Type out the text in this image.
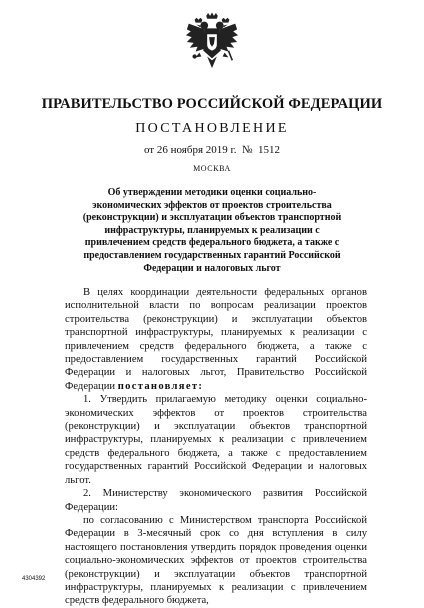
ПРАВИТЕЛЬСТВО РОССИЙСКОЙ ФЕДЕРАЦИИ
ПОСТАНОВЛЕНИЕ
от 26 ноября 2019 г. № 1512
МОСКВА
Об утверждении методики оценки социально-экономических эффектов от проектов строительства (реконструкции) и эксплуатации объектов транспортной инфраструктуры, планируемых к реализации с привлечением средств федерального бюджета, а также с предоставлением государственных гарантий Российской Федерации и налоговых льгот

В целях координации деятельности федеральных органов исполнительной власти по вопросам реализации проектов строительства (реконструкции) и эксплуатации объектов транспортной инфраструктуры, планируемых к реализации с привлечением средств федерального бюджета, а также с предоставлением государственных гарантий Российской Федерации и налоговых льгот, Правительство Российской Федерации постановляет:

1. Утвердить прилагаемую методику оценки социально-экономических эффектов от проектов строительства (реконструкции) и эксплуатации объектов транспортной инфраструктуры, планируемых к реализации с привлечением средств федерального бюджета, а также с предоставлением государственных гарантий Российской Федерации и налоговых льгот.

2. Министерству экономического развития Российской Федерации:

по согласованию с Министерством транспорта Российской Федерации в 3-месячный срок со дня вступления в силу настоящего постановления утвердить порядок проведения оценки социально-экономических эффектов от проектов строительства (реконструкции) и эксплуатации объектов транспортной инфраструктуры, планируемых к реализации с привлечением средств федерального бюджета,

4304392
